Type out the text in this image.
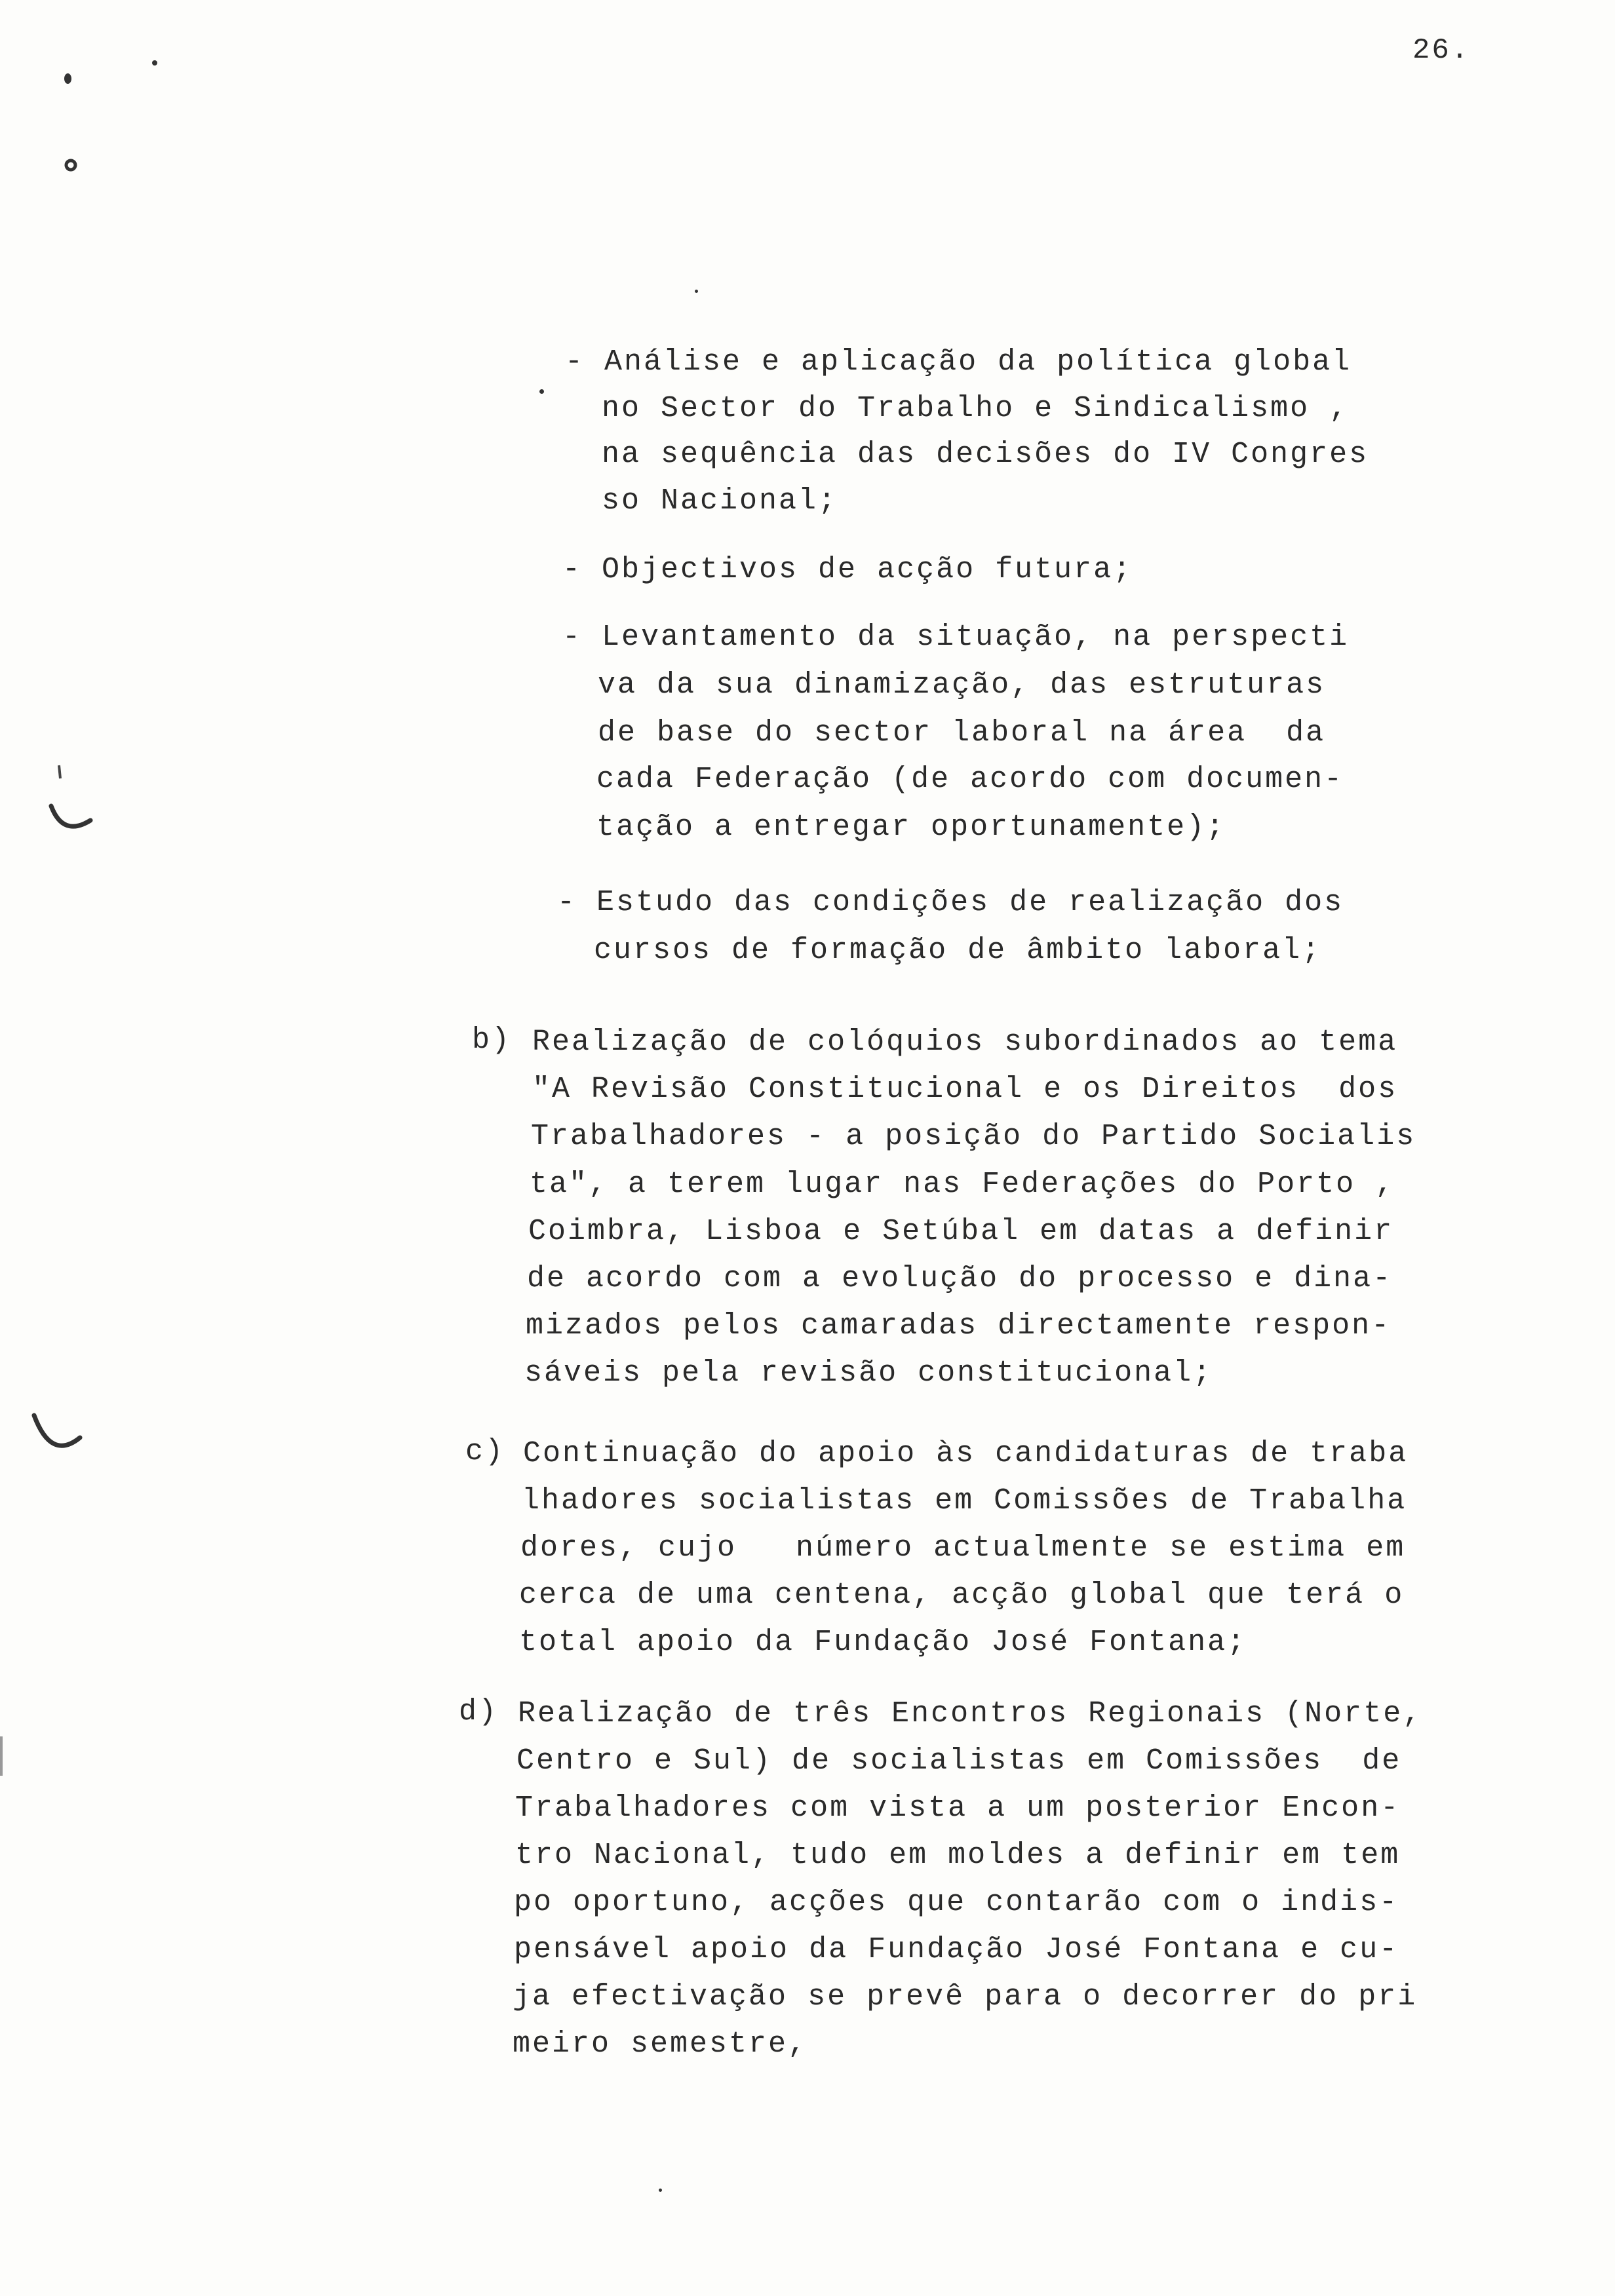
26.
- Análise e aplicação da política global
no Sector do Trabalho e Sindicalismo ,
na sequência das decisões do IV Congres
so Nacional;
- Objectivos de acção futura;
- Levantamento da situação, na perspecti
va da sua dinamização, das estruturas
de base do sector laboral na área  da
cada Federação (de acordo com documen-
tação a entregar oportunamente);
- Estudo das condições de realização dos
cursos de formação de âmbito laboral;
b) Realização de colóquios subordinados ao tema
"A Revisão Constitucional e os Direitos  dos
Trabalhadores - a posição do Partido Socialis
ta", a terem lugar nas Federações do Porto ,
Coimbra, Lisboa e Setúbal em datas a definir
de acordo com a evolução do processo e dina-
mizados pelos camaradas directamente respon-
sáveis pela revisão constitucional;
c) Continuação do apoio às candidaturas de traba
lhadores socialistas em Comissões de Trabalha
dores, cujo   número actualmente se estima em
cerca de uma centena, acção global que terá o
total apoio da Fundação José Fontana;
d) Realização de três Encontros Regionais (Norte,
Centro e Sul) de socialistas em Comissões  de
Trabalhadores com vista a um posterior Encon-
tro Nacional, tudo em moldes a definir em tem
po oportuno, acções que contarão com o indis-
pensável apoio da Fundação José Fontana e cu-
ja efectivação se prevê para o decorrer do pri
meiro semestre,
